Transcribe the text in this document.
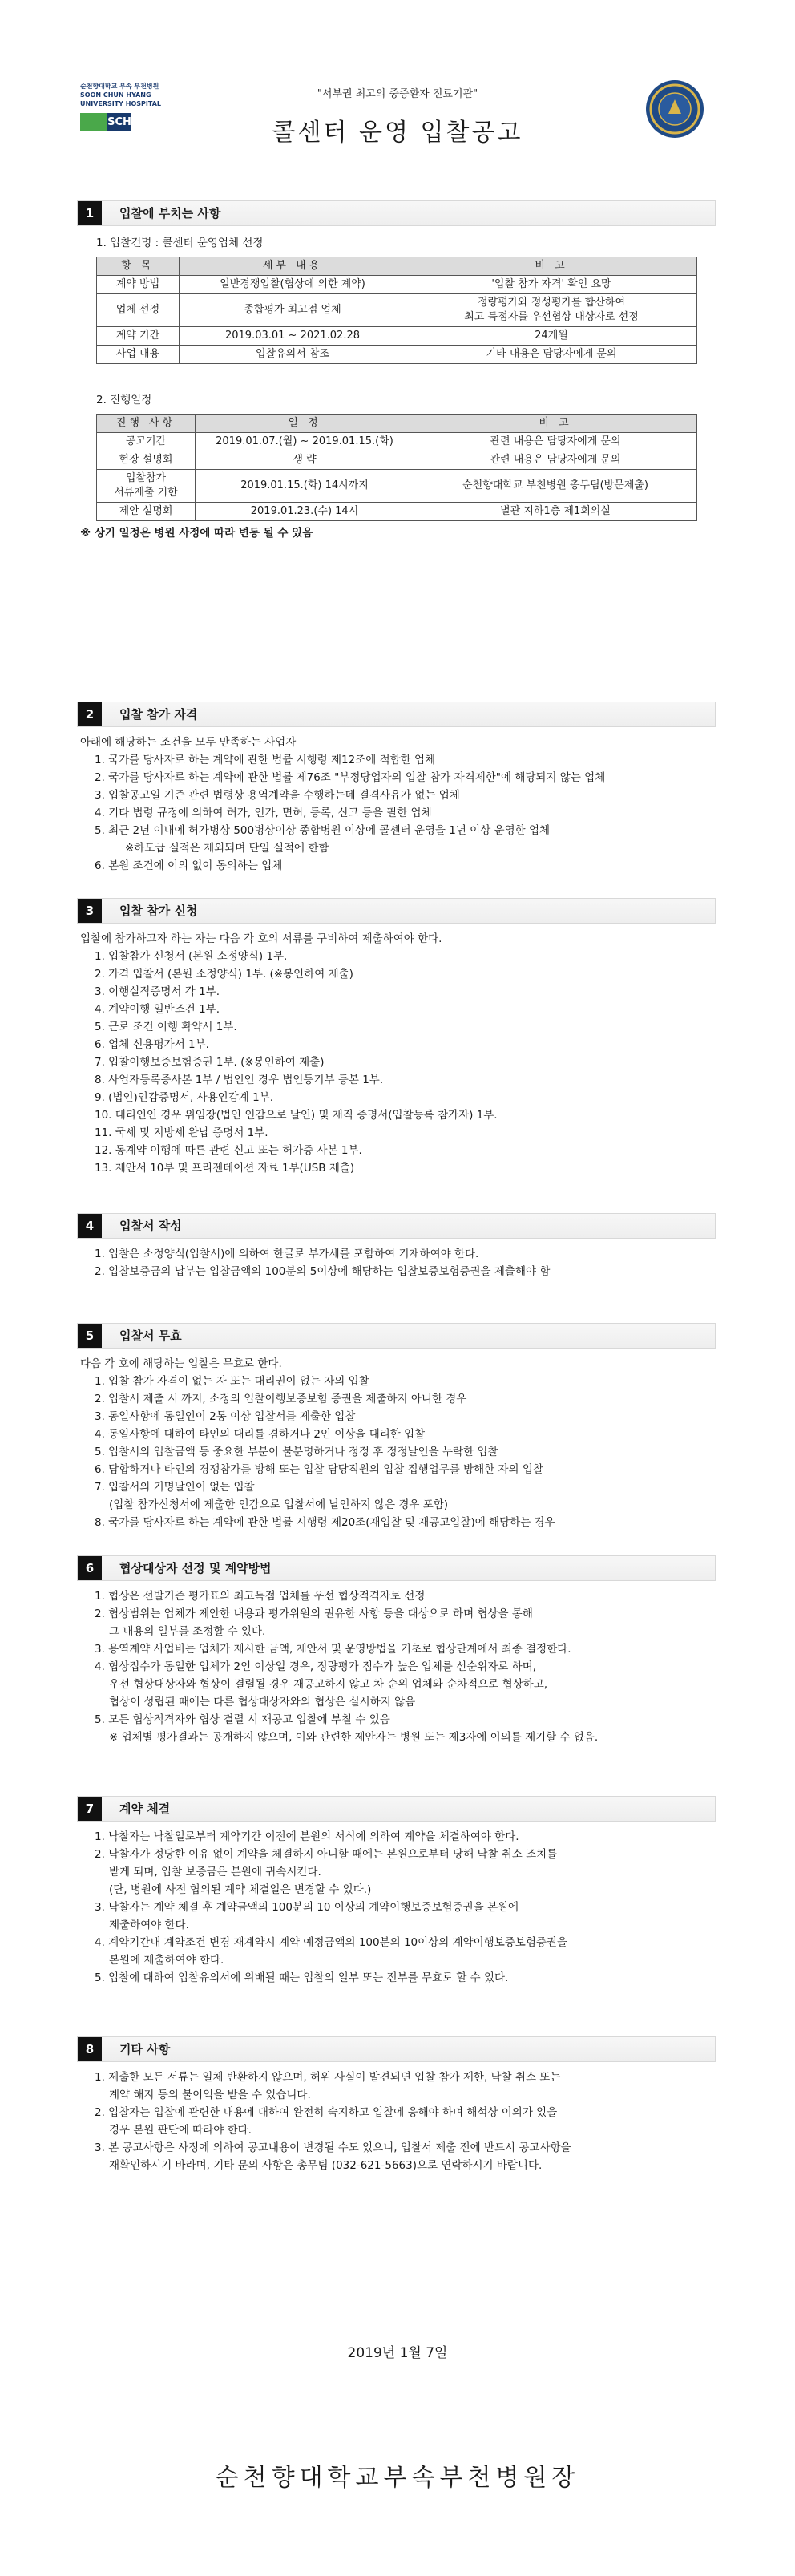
순천향대학교 부속 부천병원
SOON CHUN HYANG
UNIVERSITY HOSPITAL
SCH
"서부권 최고의 중증환자 진료기관"
콜센터 운영 입찰공고
1	입찰에 부치는 사항
1. 입찰건명 : 콜센터 운영업체 선정
항 목	세부 내용	비 고
계약 방법	일반경쟁입찰(협상에 의한 계약)	'입찰 참가 자격' 확인 요망
업체 선정	종합평가 최고점 업체	정량평가와 정성평가를 합산하여
최고 득점자를 우선협상 대상자로 선정
계약 기간	2019.03.01 ~ 2021.02.28	24개월
사업 내용	입찰유의서 참조	기타 내용은 담당자에게 문의
2. 진행일정
진행 사항	일 정	비 고
공고기간	2019.01.07.(월) ~ 2019.01.15.(화)	관련 내용은 담당자에게 문의
현장 설명회	생 략	관련 내용은 담당자에게 문의
입찰참가
서류제출 기한	2019.01.15.(화) 14시까지	순천향대학교 부천병원 총무팀(방문제출)
제안 설명회	2019.01.23.(수) 14시	별관 지하1층 제1회의실
※ 상기 일정은 병원 사정에 따라 변동 될 수 있음
2	입찰 참가 자격
아래에 해당하는 조건을 모두 만족하는 사업자
1. 국가를 당사자로 하는 계약에 관한 법률 시행령 제12조에 적합한 업체
2. 국가를 당사자로 하는 계약에 관한 법률 제76조 "부정당업자의 입찰 참가 자격제한"에 해당되지 않는 업체
3. 입찰공고일 기준 관련 법령상 용역계약을 수행하는데 결격사유가 없는 업체
4. 기타 법령 규정에 의하여 허가, 인가, 면허, 등록, 신고 등을 필한 업체
5. 최근 2년 이내에 허가병상 500병상이상 종합병원 이상에 콜센터 운영을 1년 이상 운영한 업체
※하도급 실적은 제외되며 단일 실적에 한함
6. 본원 조건에 이의 없이 동의하는 업체
3	입찰 참가 신청
입찰에 참가하고자 하는 자는 다음 각 호의 서류를 구비하여 제출하여야 한다.
1. 입찰참가 신청서 (본원 소정양식) 1부.
2. 가격 입찰서 (본원 소정양식) 1부. (※봉인하여 제출)
3. 이행실적증명서 각 1부.
4. 계약이행 일반조건 1부.
5. 근로 조건 이행 확약서 1부.
6. 업체 신용평가서 1부.
7. 입찰이행보증보험증권 1부. (※봉인하여 제출)
8. 사업자등록증사본 1부 / 법인인 경우 법인등기부 등본 1부.
9. (법인)인감증명서, 사용인감계 1부.
10. 대리인인 경우 위임장(법인 인감으로 날인) 및 재직 증명서(입찰등록 참가자) 1부.
11. 국세 및 지방세 완납 증명서 1부.
12. 동계약 이행에 따른 관련 신고 또는 허가증 사본 1부.
13. 제안서 10부 및 프리젠테이션 자료 1부(USB 제출)
4	입찰서 작성
1. 입찰은 소정양식(입찰서)에 의하여 한글로 부가세를 포함하여 기재하여야 한다.
2. 입찰보증금의 납부는 입찰금액의 100분의 5이상에 해당하는 입찰보증보험증권을 제출해야 함
5	입찰서 무효
다음 각 호에 해당하는 입찰은 무효로 한다.
1. 입찰 참가 자격이 없는 자 또는 대리권이 없는 자의 입찰
2. 입찰서 제출 시 까지, 소정의 입찰이행보증보험 증권을 제출하지 아니한 경우
3. 동일사항에 동일인이 2통 이상 입찰서를 제출한 입찰
4. 동일사항에 대하여 타인의 대리를 겸하거나 2인 이상을 대리한 입찰
5. 입찰서의 입찰금액 등 중요한 부분이 불분명하거나 정정 후 정정날인을 누락한 입찰
6. 담합하거나 타인의 경쟁참가를 방해 또는 입찰 담당직원의 입찰 집행업무를 방해한 자의 입찰
7. 입찰서의 기명날인이 없는 입찰
(입찰 참가신청서에 제출한 인감으로 입찰서에 날인하지 않은 경우 포함)
8. 국가를 당사자로 하는 계약에 관한 법률 시행령 제20조(재입찰 및 재공고입찰)에 해당하는 경우
6	협상대상자 선정 및 계약방법
1. 협상은 선발기준 평가표의 최고득점 업체를 우선 협상적격자로 선정
2. 협상범위는 업체가 제안한 내용과 평가위원의 권유한 사항 등을 대상으로 하며 협상을 통해
그 내용의 일부를 조정할 수 있다.
3. 용역계약 사업비는 업체가 제시한 금액, 제안서 및 운영방법을 기초로 협상단계에서 최종 결정한다.
4. 협상접수가 동일한 업체가 2인 이상일 경우, 정량평가 점수가 높은 업체를 선순위자로 하며,
우선 협상대상자와 협상이 결렬될 경우 재공고하지 않고 차 순위 업체와 순차적으로 협상하고,
협상이 성립된 때에는 다른 협상대상자와의 협상은 실시하지 않음
5. 모든 협상적격자와 협상 결렬 시 재공고 입찰에 부칠 수 있음
※ 업체별 평가결과는 공개하지 않으며, 이와 관련한 제안자는 병원 또는 제3자에 이의를 제기할 수 없음.
7	계약 체결
1. 낙찰자는 낙찰일로부터 계약기간 이전에 본원의 서식에 의하여 계약을 체결하여야 한다.
2. 낙찰자가 정당한 이유 없이 계약을 체결하지 아니할 때에는 본원으로부터 당해 낙찰 취소 조치를
받게 되며, 입찰 보증금은 본원에 귀속시킨다.
(단, 병원에 사전 협의된 계약 체결일은 변경할 수 있다.)
3. 낙찰자는 계약 체결 후 계약금액의 100분의 10 이상의 계약이행보증보험증권을 본원에
제출하여야 한다.
4. 계약기간내 계약조건 변경 재계약시 계약 예정금액의 100분의 10이상의 계약이행보증보험증권을
본원에 제출하여야 한다.
5. 입찰에 대하여 입찰유의서에 위배될 때는 입찰의 일부 또는 전부를 무효로 할 수 있다.
8	기타 사항
1. 제출한 모든 서류는 일체 반환하지 않으며, 허위 사실이 발견되면 입찰 참가 제한, 낙찰 취소 또는
계약 해지 등의 불이익을 받을 수 있습니다.
2. 입찰자는 입찰에 관련한 내용에 대하여 완전히 숙지하고 입찰에 응해야 하며 해석상 이의가 있을
경우 본원 판단에 따라야 한다.
3. 본 공고사항은 사정에 의하여 공고내용이 변경될 수도 있으니, 입찰서 제출 전에 반드시 공고사항을
재확인하시기 바라며, 기타 문의 사항은 총무팀 (032-621-5663)으로 연락하시기 바랍니다.
2019년 1월 7일
순천향대학교부속부천병원장
